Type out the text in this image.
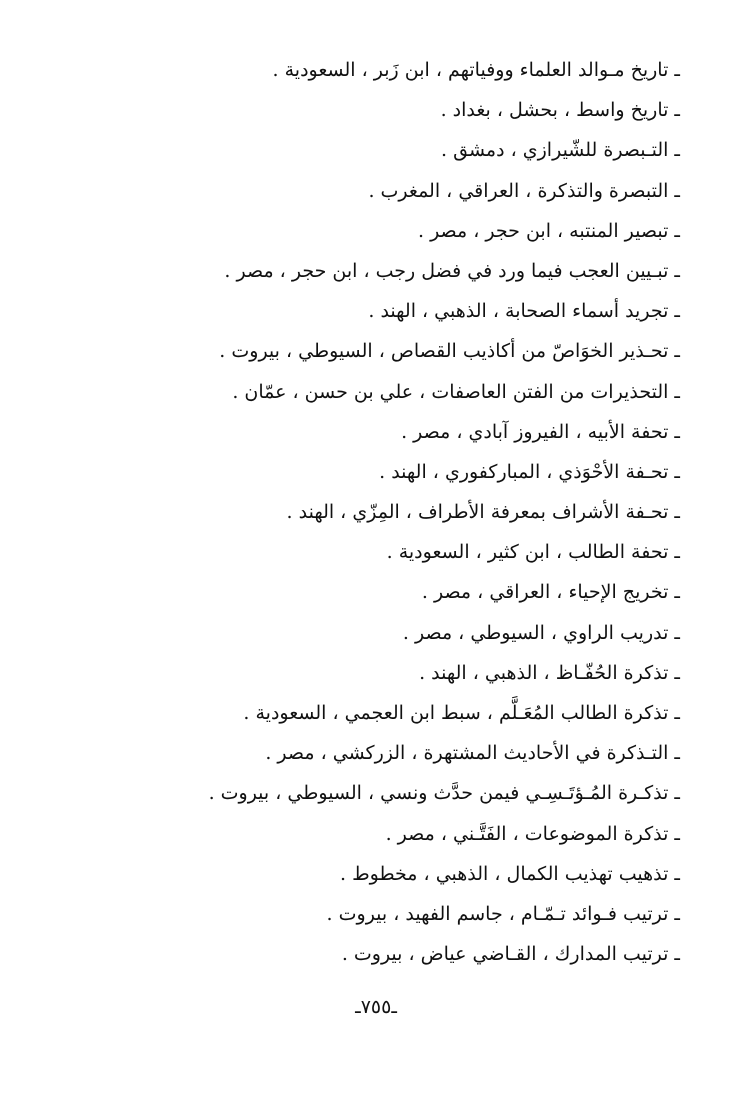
ـ تاريخ مـوالد العلماء ووفياتهم ، ابن زَبر ، السعودية .
ـ تاريخ واسط ، بحشل ، بغداد .
ـ التـبصرة للشّيرازي ، دمشق .
ـ التبصرة والتذكرة ، العراقي ، المغرب .
ـ تبصير المنتبه ، ابن حجر ، مصر .
ـ تبـيين العجب فيما ورد في فضل رجب ، ابن حجر ، مصر .
ـ تجريد أسماء الصحابة ، الذهبي ، الهند .
ـ تحـذير الخوَاصّ من أكاذيب القصاص ، السيوطي ، بيروت .
ـ التحذيرات من الفتن العاصفات ، علي بن حسن ، عمّان .
ـ تحفة الأبيه ، الفيروز آبادي ، مصر .
ـ تحـفة الأحْوَذي ، المباركفوري ، الهند .
ـ تحـفة الأشراف بمعرفة الأطراف ، المِزّي ، الهند .
ـ تحفة الطالب ، ابن كثير ، السعودية .
ـ تخريج الإحياء ، العراقي ، مصر .
ـ تدريب الراوي ، السيوطي ، مصر .
ـ تذكرة الحُفّـاظ ، الذهبي ، الهند .
ـ تذكرة الطالب المُعَـلَّم ، سبط ابن العجمي ، السعودية .
ـ التـذكرة في الأحاديث المشتهرة ، الزركشي ، مصر .
ـ تذكـرة المُـؤتَـسِـي فيمن حدَّث ونسي ، السيوطي ، بيروت .
ـ تذكرة الموضوعات ، الفَتَّـني ، مصر .
ـ تذهيب تهذيب الكمال ، الذهبي ، مخطوط .
ـ ترتيب فـوائد تـمّـام ، جاسم الفهيد ، بيروت .
ـ ترتيب المدارك ، القـاضي عياض ، بيروت .
ـ٧٥٥ـ
